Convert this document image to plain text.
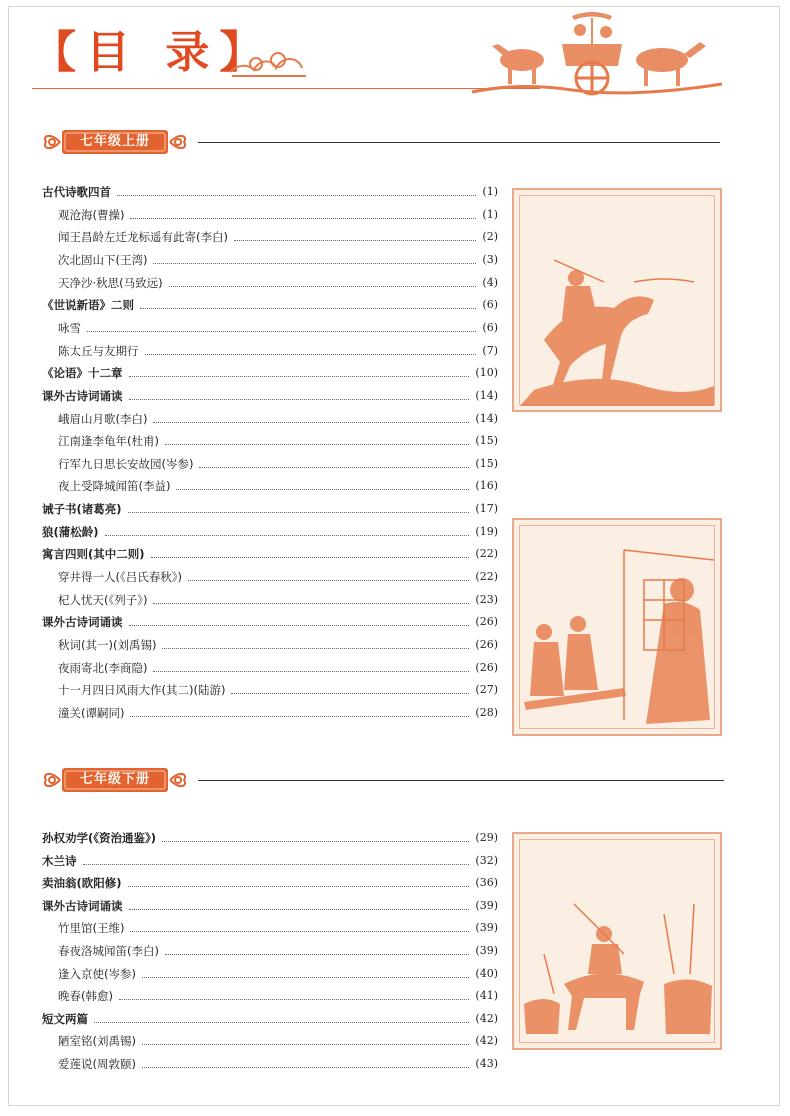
【目 录】
七年级上册
古代诗歌四首	(1)
观沧海(曹操)	(1)
闻王昌龄左迁龙标遥有此寄(李白)	(2)
次北固山下(王湾)	(3)
天净沙·秋思(马致远)	(4)
《世说新语》二则	(6)
咏雪	(6)
陈太丘与友期行	(7)
《论语》十二章	(10)
课外古诗词诵读	(14)
峨眉山月歌(李白)	(14)
江南逢李龟年(杜甫)	(15)
行军九日思长安故园(岑参)	(15)
夜上受降城闻笛(李益)	(16)
诫子书(诸葛亮)	(17)
狼(蒲松龄)	(19)
寓言四则(其中二则)	(22)
穿井得一人(《吕氏春秋》)	(22)
杞人忧天(《列子》)	(23)
课外古诗词诵读	(26)
秋词(其一)(刘禹锡)	(26)
夜雨寄北(李商隐)	(26)
十一月四日风雨大作(其二)(陆游)	(27)
潼关(谭嗣同)	(28)
七年级下册
孙权劝学(《资治通鉴》)	(29)
木兰诗	(32)
卖油翁(欧阳修)	(36)
课外古诗词诵读	(39)
竹里馆(王维)	(39)
春夜洛城闻笛(李白)	(39)
逢入京使(岑参)	(40)
晚春(韩愈)	(41)
短文两篇	(42)
陋室铭(刘禹锡)	(42)
爱莲说(周敦颐)	(43)
